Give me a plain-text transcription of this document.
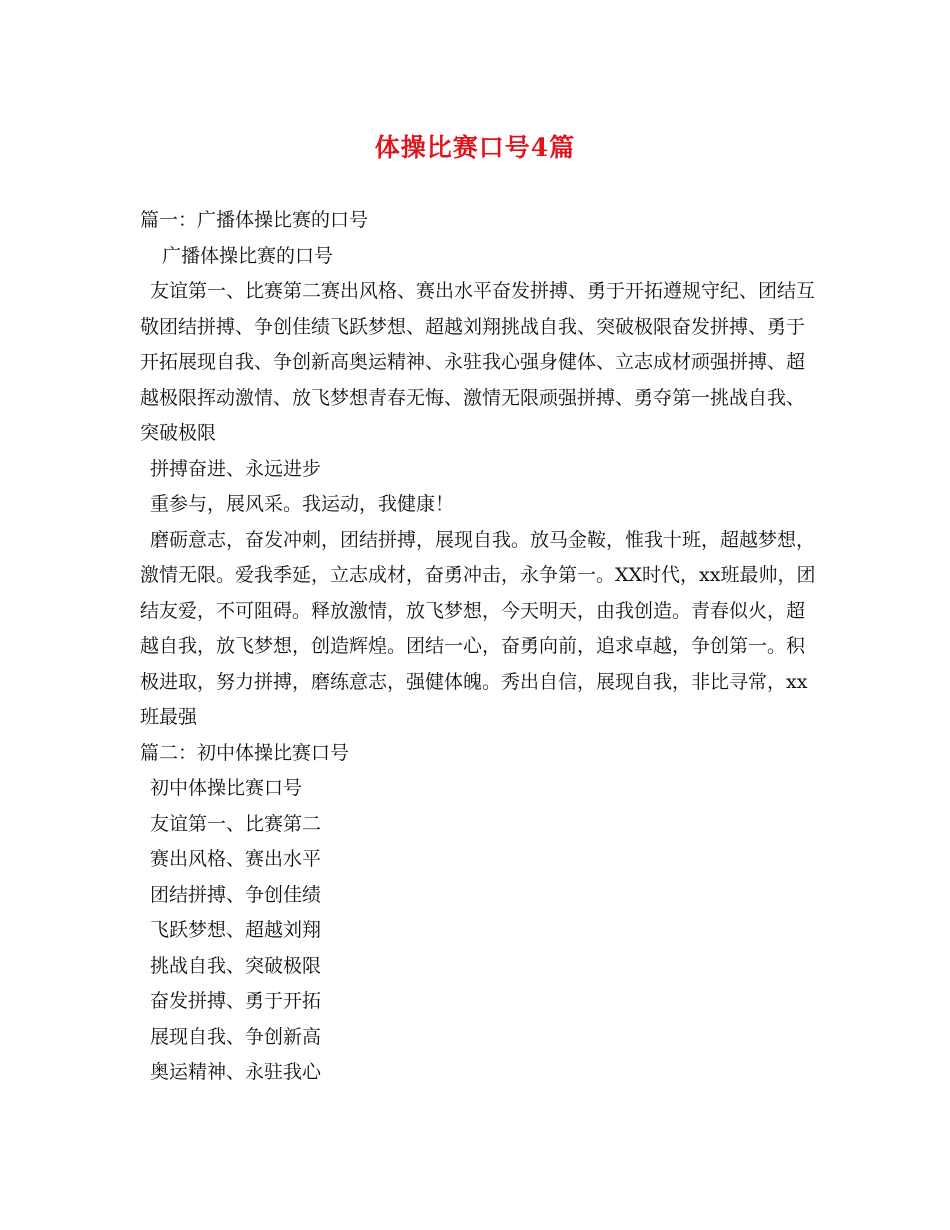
体操比赛口号4篇
篇一：广播体操比赛的口号
广播体操比赛的口号
友谊第一、比赛第二赛出风格、赛出水平奋发拼搏、勇于开拓遵规守纪、团结互敬团结拼搏、争创佳绩飞跃梦想、超越刘翔挑战自我、突破极限奋发拼搏、勇于开拓展现自我、争创新高奥运精神、永驻我心强身健体、立志成材顽强拼搏、超越极限挥动激情、放飞梦想青春无悔、激情无限顽强拼搏、勇夺第一挑战自我、突破极限
拼搏奋进、永远进步
重参与，展风采。我运动，我健康！
磨砺意志，奋发冲刺，团结拼搏，展现自我。放马金鞍，惟我十班，超越梦想，激情无限。爱我季延，立志成材，奋勇冲击，永争第一。XX时代，xx班最帅，团结友爱，不可阻碍。释放激情，放飞梦想，今天明天，由我创造。青春似火，超越自我，放飞梦想，创造辉煌。团结一心，奋勇向前，追求卓越，争创第一。积极进取，努力拼搏，磨练意志，强健体魄。秀出自信，展现自我，非比寻常，xx班最强
篇二：初中体操比赛口号
初中体操比赛口号
友谊第一、比赛第二
赛出风格、赛出水平
团结拼搏、争创佳绩
飞跃梦想、超越刘翔
挑战自我、突破极限
奋发拼搏、勇于开拓
展现自我、争创新高
奥运精神、永驻我心
